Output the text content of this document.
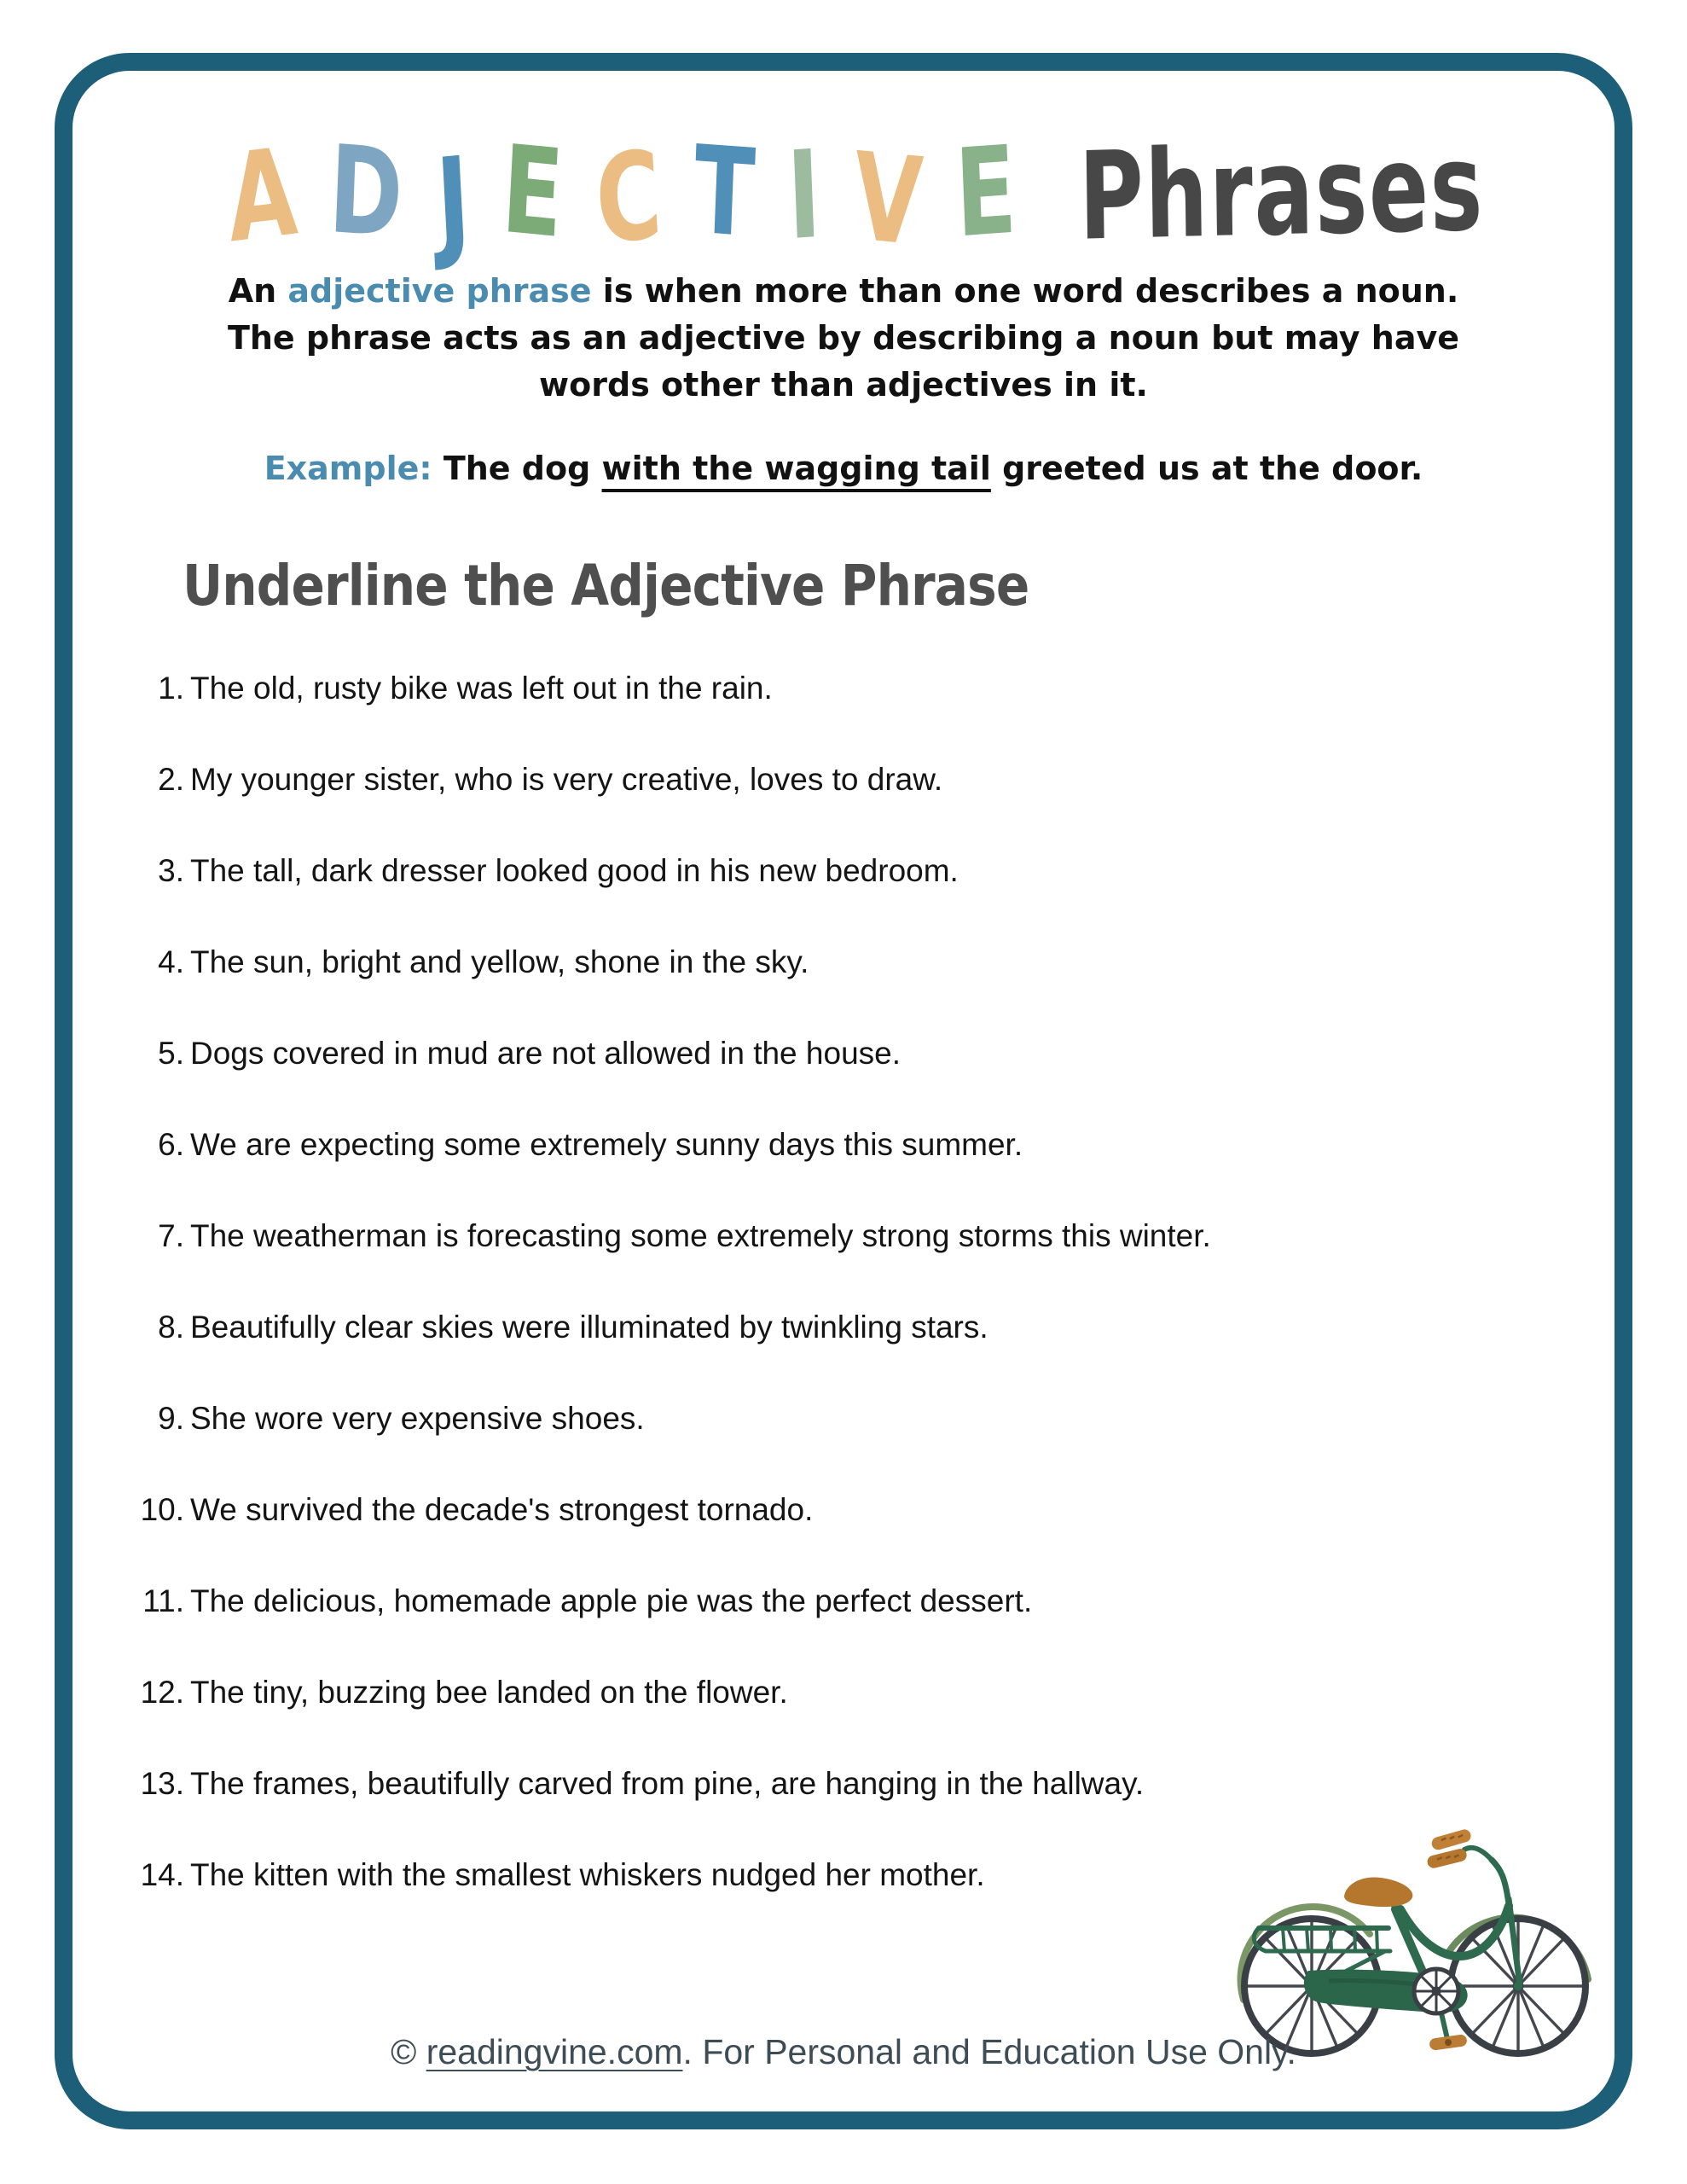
A D J E C T I V E Phrases
An adjective phrase is when more than one word describes a noun.
The phrase acts as an adjective by describing a noun but may have
words other than adjectives in it.
Example: The dog with the wagging tail greeted us at the door.
Underline the Adjective Phrase
1. The old, rusty bike was left out in the rain.
2. My younger sister, who is very creative, loves to draw.
3. The tall, dark dresser looked good in his new bedroom.
4. The sun, bright and yellow, shone in the sky.
5. Dogs covered in mud are not allowed in the house.
6. We are expecting some extremely sunny days this summer.
7. The weatherman is forecasting some extremely strong storms this winter.
8. Beautifully clear skies were illuminated by twinkling stars.
9. She wore very expensive shoes.
10. We survived the decade's strongest tornado.
11. The delicious, homemade apple pie was the perfect dessert.
12. The tiny, buzzing bee landed on the flower.
13. The frames, beautifully carved from pine, are hanging in the hallway.
14. The kitten with the smallest whiskers nudged her mother.
© readingvine.com. For Personal and Education Use Only.
